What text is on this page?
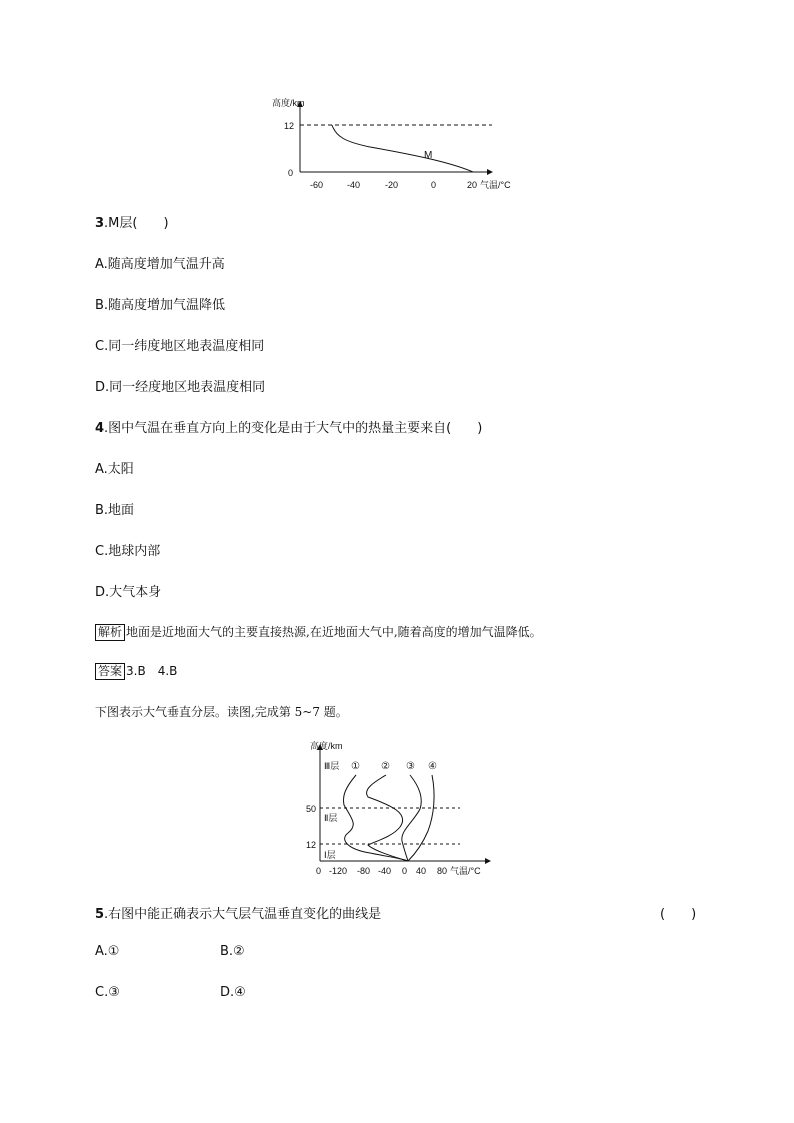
高度/km
12
0
-60	-40	-20	0	20 气温/°C
M
3.M层(　　)
A.随高度增加气温升高
B.随高度增加气温降低
C.同一纬度地区地表温度相同
D.同一经度地区地表温度相同
4.图中气温在垂直方向上的变化是由于大气中的热量主要来自(　　)
A.太阳
B.地面
C.地球内部
D.大气本身
解析 地面是近地面大气的主要直接热源,在近地面大气中,随着高度的增加气温降低。
答案 3.B　4.B
下图表示大气垂直分层。读图,完成第 5~7 题。
高度/km
50
12
0
Ⅲ层
Ⅱ层
Ⅰ层
-120 -80 -40 0 40 80 气温/°C
① ② ③ ④
5.右图中能正确表示大气层气温垂直变化的曲线是	(　　)
A.①	B.②
C.③	D.④
